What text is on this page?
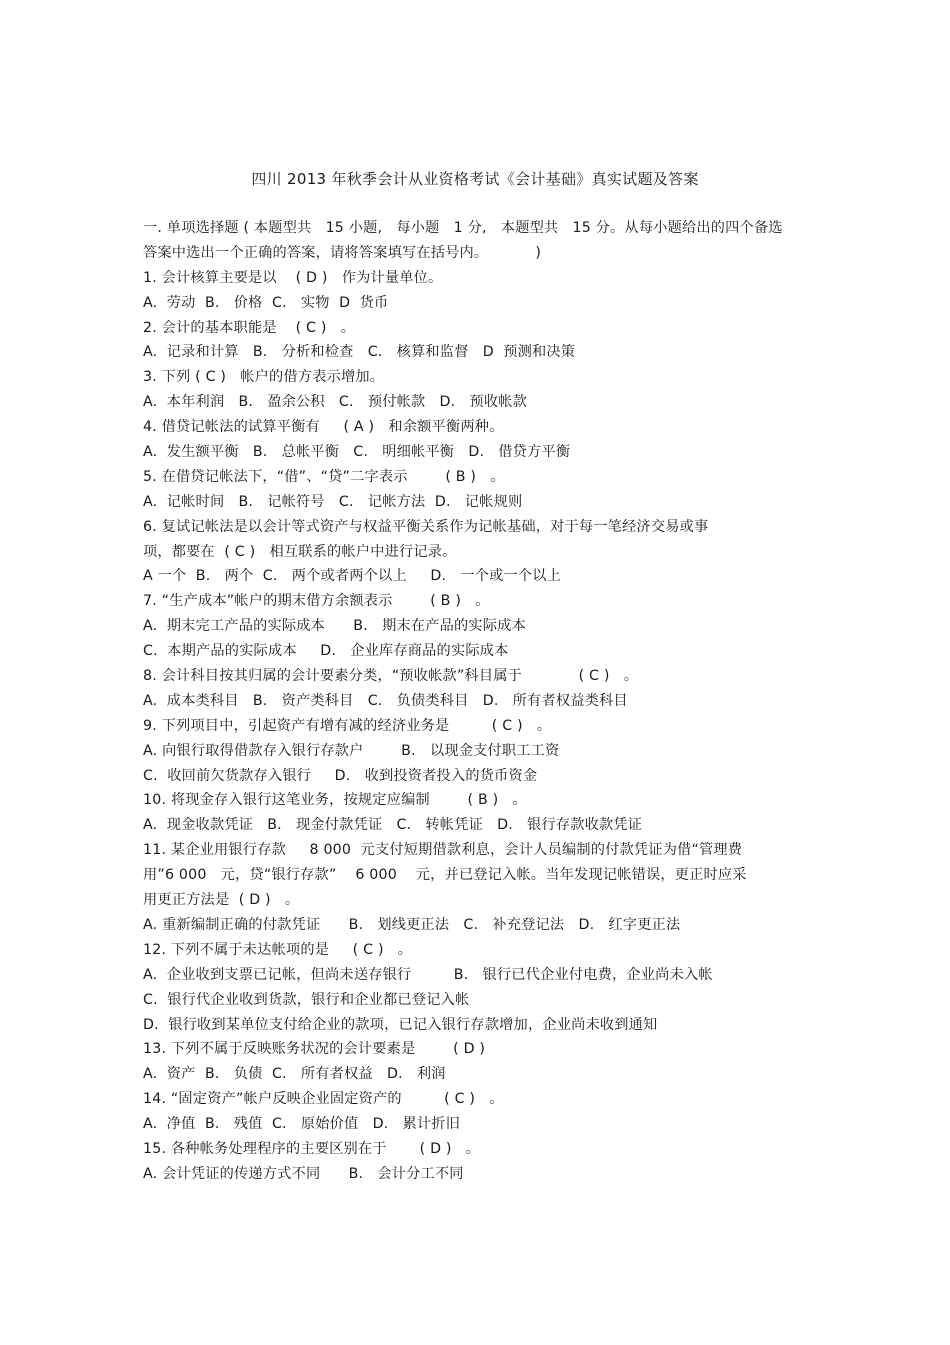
四川 2013 年秋季会计从业资格考试《会计基础》真实试题及答案
一. 单项选择题 ( 本题型共   15 小题,   每小题   1 分,   本题型共   15 分。从每小题给出的四个备选
答案中选出一个正确的答案，请将答案填写在括号内。          )
1. 会计核算主要是以    ( D )   作为计量单位。
A.  劳动  B.   价格  C.   实物  D  货币
2. 会计的基本职能是    ( C )   。
A.  记录和计算   B.   分析和检查   C.   核算和监督   D  预测和决策
3. 下列 ( C )   帐户的借方表示增加。
A.  本年利润   B.   盈余公积   C.   预付帐款   D.   预收帐款
4. 借贷记帐法的试算平衡有     ( A )   和余额平衡两种。
A.  发生额平衡   B.   总帐平衡   C.   明细帐平衡   D.   借贷方平衡
5. 在借贷记帐法下，“借”、“贷”二字表示        ( B )   。
A.  记帐时间   B.   记帐符号   C.   记帐方法  D.   记帐规则
6. 复试记帐法是以会计等式资产与权益平衡关系作为记帐基础，对于每一笔经济交易或事
项，都要在  ( C )   相互联系的帐户中进行记录。
A 一个  B.   两个  C.   两个或者两个以上     D.   一个或一个以上
7. “生产成本”帐户的期末借方余额表示        ( B )   。
A.  期末完工产品的实际成本      B.   期末在产品的实际成本
C.  本期产品的实际成本     D.   企业库存商品的实际成本
8. 会计科目按其归属的会计要素分类，“预收帐款”科目属于            ( C )   。
A.  成本类科目   B.   资产类科目   C.   负债类科目   D.   所有者权益类科目
9. 下列项目中，引起资产有增有减的经济业务是         ( C )   。
A. 向银行取得借款存入银行存款户        B.   以现金支付职工工资
C.  收回前欠货款存入银行     D.   收到投资者投入的货币资金
10. 将现金存入银行这笔业务，按规定应编制        ( B )   。
A.  现金收款凭证   B.   现金付款凭证   C.   转帐凭证   D.   银行存款收款凭证
11. 某企业用银行存款     8 000  元支付短期借款利息，会计人员编制的付款凭证为借“管理费
用”6 000   元，贷“银行存款”    6 000    元，并已登记入帐。当年发现记帐错误，更正时应采
用更正方法是  ( D )   。
A. 重新编制正确的付款凭证      B.   划线更正法   C.   补充登记法   D.   红字更正法
12. 下列不属于未达帐项的是     ( C )   。
A.  企业收到支票已记帐，但尚未送存银行         B.   银行已代企业付电费，企业尚未入帐
C.  银行代企业收到货款，银行和企业都已登记入帐
D.  银行收到某单位支付给企业的款项，已记入银行存款增加，企业尚未收到通知
13. 下列不属于反映账务状况的会计要素是        ( D )
A.  资产  B.   负债  C.   所有者权益   D.   利润
14. “固定资产”帐户反映企业固定资产的         ( C )   。
A.  净值  B.   残值  C.   原始价值   D.   累计折旧
15. 各种帐务处理程序的主要区别在于       ( D )   。
A. 会计凭证的传递方式不同      B.   会计分工不同
